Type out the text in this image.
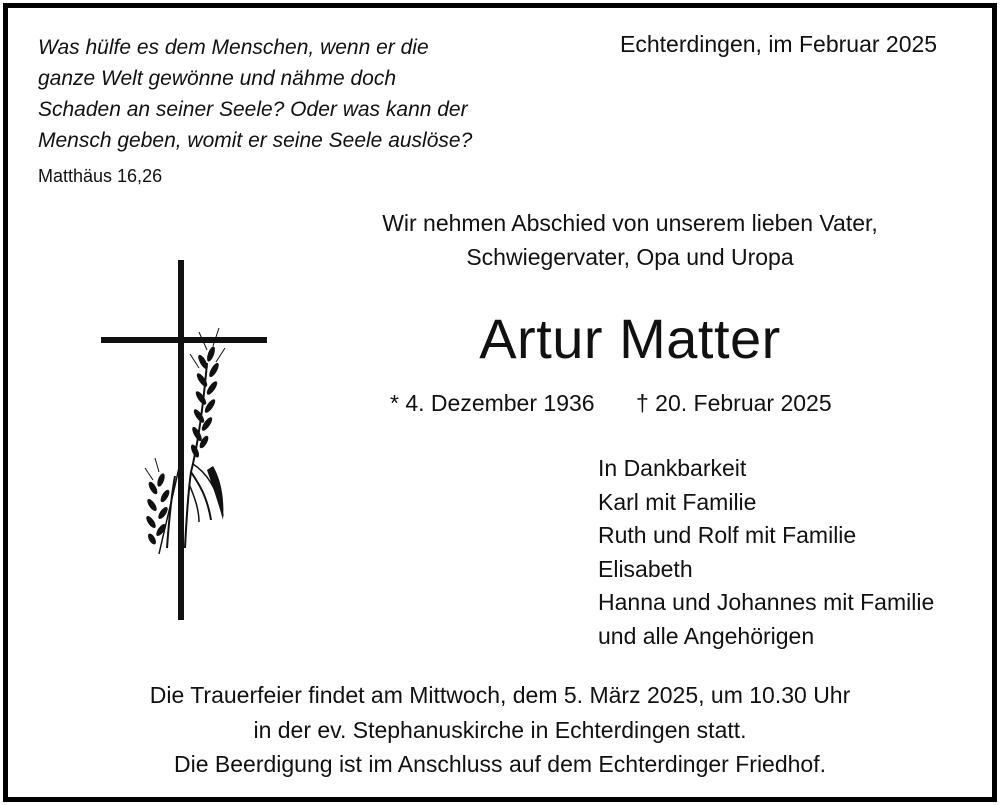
Was hülfe es dem Menschen, wenn er die
ganze Welt gewönne und nähme doch
Schaden an seiner Seele? Oder was kann der
Mensch geben, womit er seine Seele auslöse?
Matthäus 16,26
Echterdingen, im Februar 2025
Wir nehmen Abschied von unserem lieben Vater,
Schwiegervater, Opa und Uropa
Artur Matter
* 4. Dezember 1936 † 20. Februar 2025
In Dankbarkeit
Karl mit Familie
Ruth und Rolf mit Familie
Elisabeth
Hanna und Johannes mit Familie
und alle Angehörigen
Die Trauerfeier findet am Mittwoch, dem 5. März 2025, um 10.30 Uhr
in der ev. Stephanuskirche in Echterdingen statt.
Die Beerdigung ist im Anschluss auf dem Echterdinger Friedhof.
